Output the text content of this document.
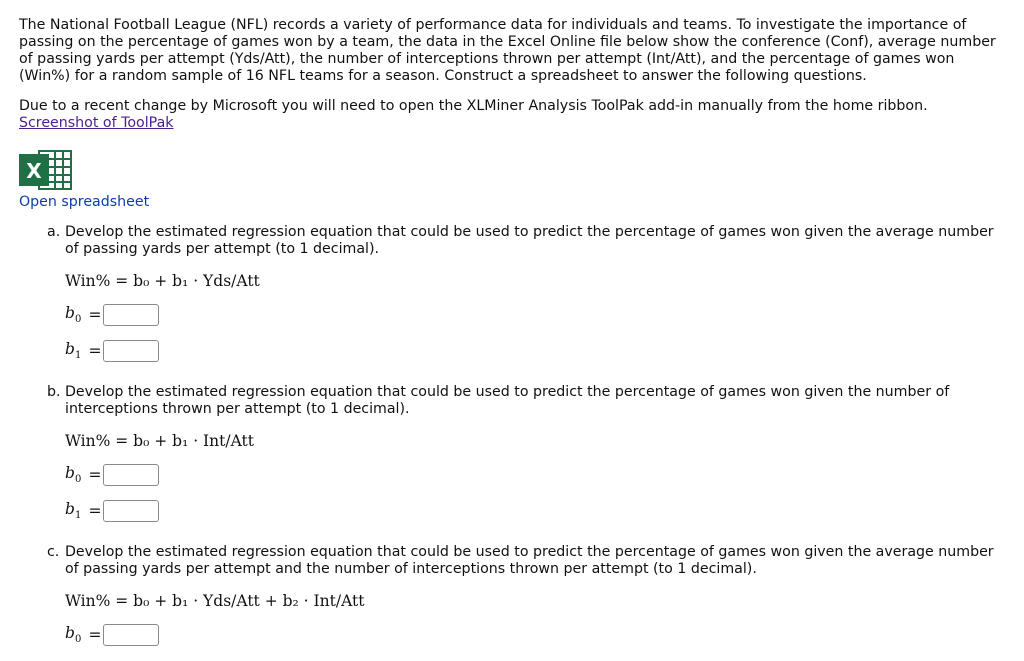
The National Football League (NFL) records a variety of performance data for individuals and teams. To investigate the importance of passing on the percentage of games won by a team, the data in the Excel Online file below show the conference (Conf), average number of passing yards per attempt (Yds/Att), the number of interceptions thrown per attempt (Int/Att), and the percentage of games won (Win%) for a random sample of 16 NFL teams for a season. Construct a spreadsheet to answer the following questions.

Due to a recent change by Microsoft you will need to open the XLMiner Analysis ToolPak add-in manually from the home ribbon. Screenshot of ToolPak

X
Open spreadsheet
a. Develop the estimated regression equation that could be used to predict the percentage of games won given the average number of passing yards per attempt (to 1 decimal).
Win% = b₀ + b₁ · Yds/Att
$b_0$ =
$b_1$ =
b. Develop the estimated regression equation that could be used to predict the percentage of games won given the number of interceptions thrown per attempt (to 1 decimal).
Win% = b₀ + b₁ · Int/Att
$b_0$ =
$b_1$ =
c. Develop the estimated regression equation that could be used to predict the percentage of games won given the average number of passing yards per attempt and the number of interceptions thrown per attempt (to 1 decimal).
Win% = b₀ + b₁ · Yds/Att + b₂ · Int/Att
$b_0$ =
